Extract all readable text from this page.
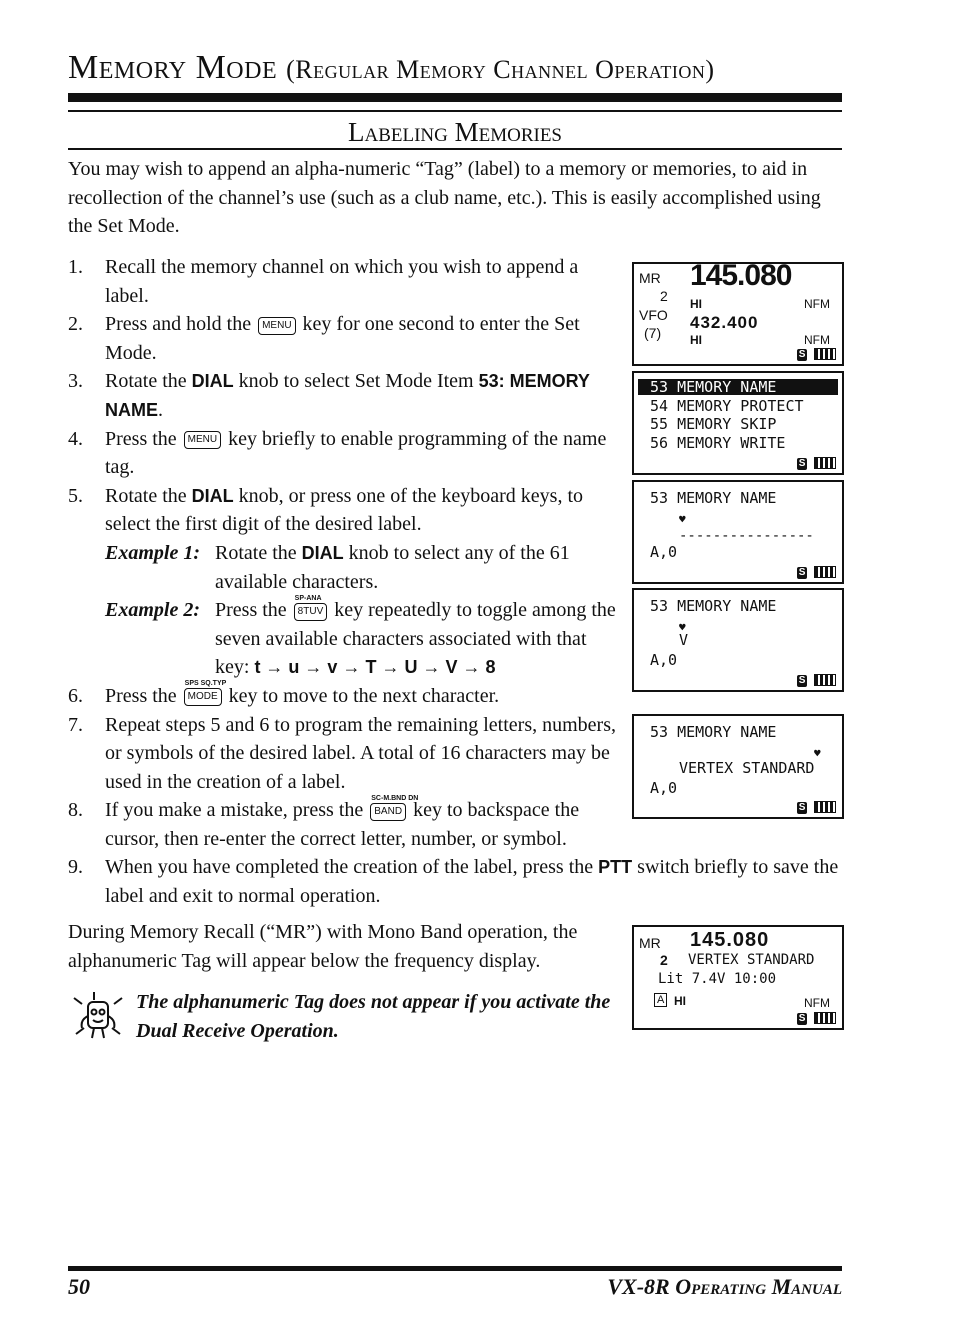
Memory Mode (Regular Memory Channel Operation)
Labeling Memories
You may wish to append an alpha-numeric “Tag” (label) to a memory or memories, to aid in recollection of the channel’s use (such as a club name, etc.). This is easily accomplished using the Set Mode.
1. Recall the memory channel on which you wish to append a label.
2. Press and hold the MENU key for one second to enter the Set Mode.
3. Rotate the DIAL knob to select Set Mode Item 53: MEMORY NAME.
4. Press the MENU key briefly to enable programming of the name tag.
5. Rotate the DIAL knob, or press one of the keyboard keys, to select the first digit of the desired label.
Example 1: Rotate the DIAL knob to select any of the 61 available characters.
Example 2: Press the
SP-ANA
8TUV key repeatedly to toggle among the seven available characters associated with that key: t → u → v → T → U → V → 8
6. Press the
SPS SQ.TYP
MODE key to move to the next character.
7. Repeat steps 5 and 6 to program the remaining letters, numbers, or symbols of the desired label. A total of 16 characters may be used in the creation of a label.
8. If you make a mistake, press the
SC-M.BND DN
BAND key to backspace the cursor, then re-enter the correct letter, number, or symbol.
9. When you have completed the creation of the label, press the PTT switch briefly to save the label and exit to normal operation.
MR 145.080
2 HI	NFM
VFO
(7)
432.400
HI	NFM
S
53 MEMORY NAME
54 MEMORY PROTECT
55 MEMORY SKIP
56 MEMORY WRITE
S
53 MEMORY NAME
♥
----------------
A,0
S
53 MEMORY NAME
♥
V
A,0
S
53 MEMORY NAME
♥
VERTEX STANDARD
A,0
S
During Memory Recall (“MR”) with Mono Band operation, the alphanumeric Tag will appear below the frequency display.
MR 145.080
2 VERTEX STANDARD
Lit 7.4V 10:00
A HI	NFM
S
The alphanumeric Tag does not appear if you activate the Dual Receive Operation.
50	VX-8R Operating Manual
